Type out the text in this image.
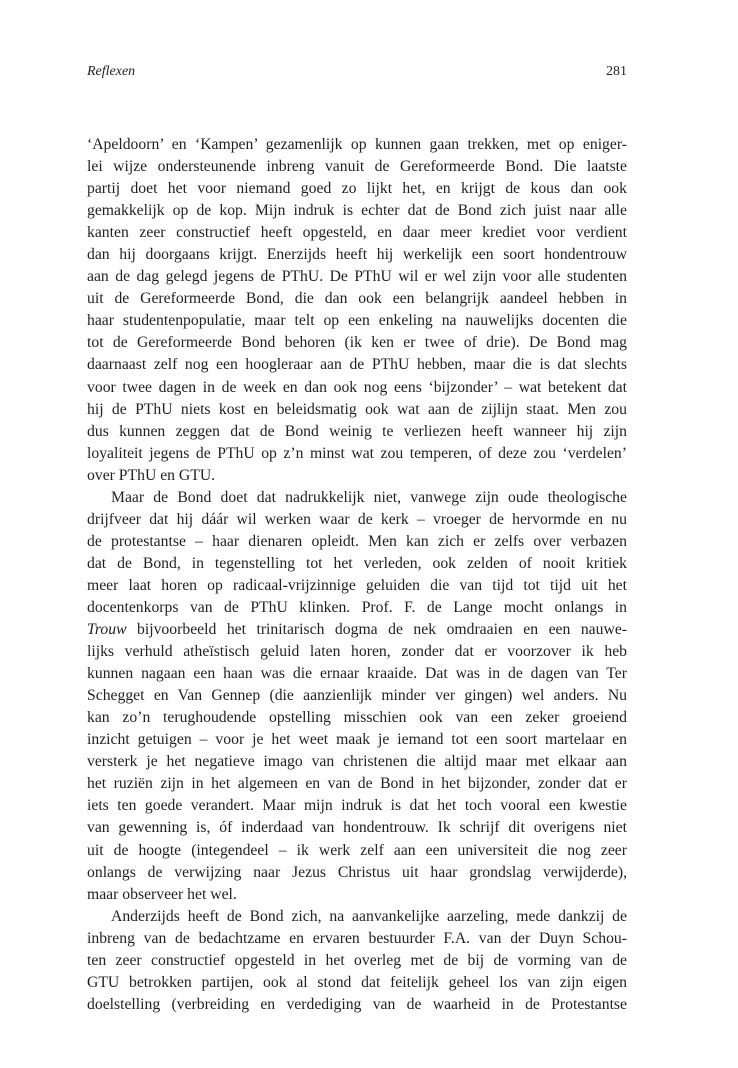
Reflexen	281

‘Apeldoorn’ en ‘Kampen’ gezamenlijk op kunnen gaan trekken, met op eniger-
lei wijze ondersteunende inbreng vanuit de Gereformeerde Bond. Die laatste
partij doet het voor niemand goed zo lijkt het, en krijgt de kous dan ook
gemakkelijk op de kop. Mijn indruk is echter dat de Bond zich juist naar alle
kanten zeer constructief heeft opgesteld, en daar meer krediet voor verdient
dan hij doorgaans krijgt. Enerzijds heeft hij werkelijk een soort hondentrouw
aan de dag gelegd jegens de PThU. De PThU wil er wel zijn voor alle studenten
uit de Gereformeerde Bond, die dan ook een belangrijk aandeel hebben in
haar studentenpopulatie, maar telt op een enkeling na nauwelijks docenten die
tot de Gereformeerde Bond behoren (ik ken er twee of drie). De Bond mag
daarnaast zelf nog een hoogleraar aan de PThU hebben, maar die is dat slechts
voor twee dagen in de week en dan ook nog eens ‘bijzonder’ – wat betekent dat
hij de PThU niets kost en beleidsmatig ook wat aan de zijlijn staat. Men zou
dus kunnen zeggen dat de Bond weinig te verliezen heeft wanneer hij zijn
loyaliteit jegens de PThU op z’n minst wat zou temperen, of deze zou ‘verdelen’
over PThU en GTU.

Maar de Bond doet dat nadrukkelijk niet, vanwege zijn oude theologische
drijfveer dat hij dáár wil werken waar de kerk – vroeger de hervormde en nu
de protestantse – haar dienaren opleidt. Men kan zich er zelfs over verbazen
dat de Bond, in tegenstelling tot het verleden, ook zelden of nooit kritiek
meer laat horen op radicaal-vrijzinnige geluiden die van tijd tot tijd uit het
docentenkorps van de PThU klinken. Prof. F. de Lange mocht onlangs in
Trouw bijvoorbeeld het trinitarisch dogma de nek omdraaien en een nauwe-
lijks verhuld atheïstisch geluid laten horen, zonder dat er voorzover ik heb
kunnen nagaan een haan was die ernaar kraaide. Dat was in de dagen van Ter
Schegget en Van Gennep (die aanzienlijk minder ver gingen) wel anders. Nu
kan zo’n terughoudende opstelling misschien ook van een zeker groeiend
inzicht getuigen – voor je het weet maak je iemand tot een soort martelaar en
versterk je het negatieve imago van christenen die altijd maar met elkaar aan
het ruziën zijn in het algemeen en van de Bond in het bijzonder, zonder dat er
iets ten goede verandert. Maar mijn indruk is dat het toch vooral een kwestie
van gewenning is, óf inderdaad van hondentrouw. Ik schrijf dit overigens niet
uit de hoogte (integendeel – ik werk zelf aan een universiteit die nog zeer
onlangs de verwijzing naar Jezus Christus uit haar grondslag verwijderde),
maar observeer het wel.

Anderzijds heeft de Bond zich, na aanvankelijke aarzeling, mede dankzij de
inbreng van de bedachtzame en ervaren bestuurder F.A. van der Duyn Schou-
ten zeer constructief opgesteld in het overleg met de bij de vorming van de
GTU betrokken partijen, ook al stond dat feitelijk geheel los van zijn eigen
doelstelling (verbreiding en verdediging van de waarheid in de Protestantse
